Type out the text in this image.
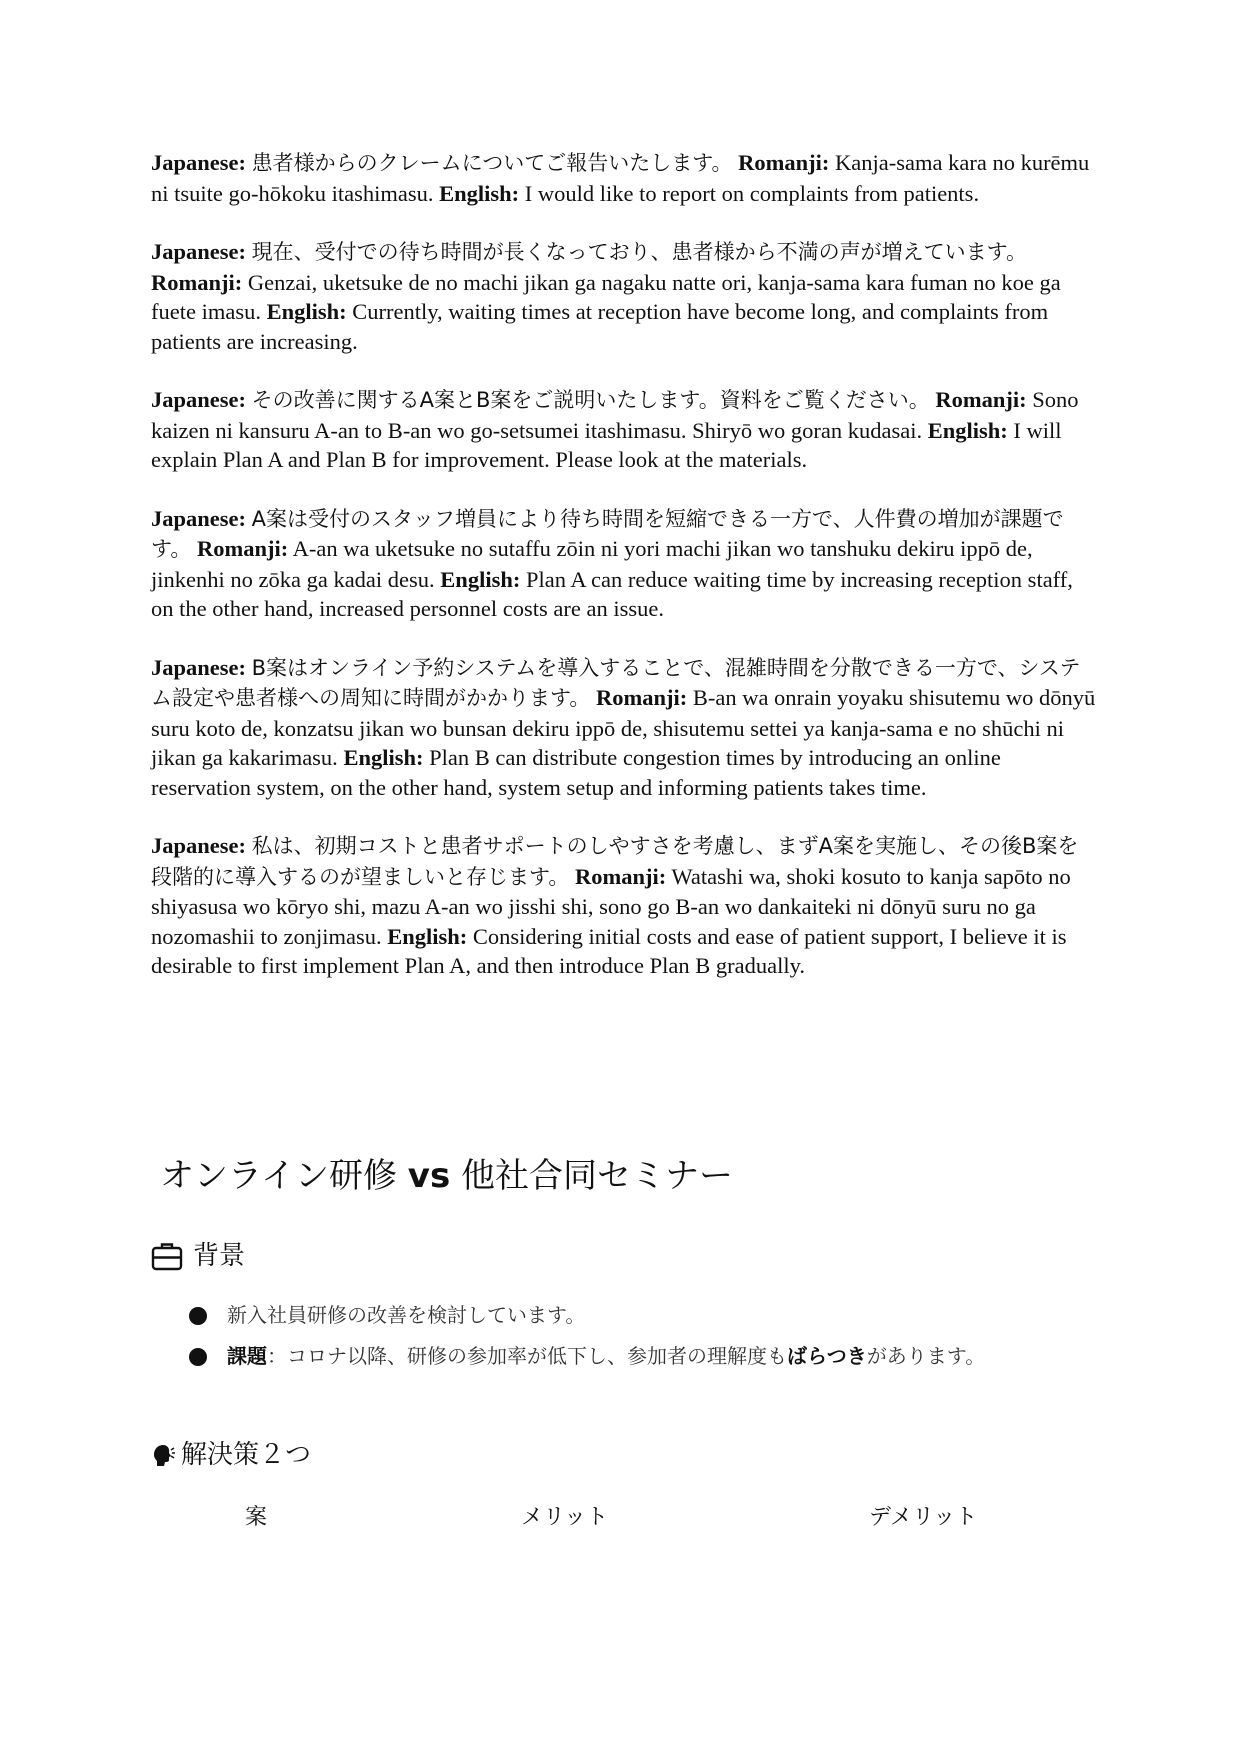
Japanese: 患者様からのクレームについてご報告いたします。 Romanji: Kanja-sama kara no kurēmu ni tsuite go-hōkoku itashimasu. English: I would like to report on complaints from patients.

Japanese: 現在、受付での待ち時間が長くなっており、患者様から不満の声が増えています。 Romanji: Genzai, uketsuke de no machi jikan ga nagaku natte ori, kanja-sama kara fuman no koe ga fuete imasu. English: Currently, waiting times at reception have become long, and complaints from patients are increasing.

Japanese: その改善に関するA案とB案をご説明いたします。資料をご覧ください。 Romanji: Sono kaizen ni kansuru A-an to B-an wo go-setsumei itashimasu. Shiryō wo goran kudasai. English: I will explain Plan A and Plan B for improvement. Please look at the materials.

Japanese: A案は受付のスタッフ増員により待ち時間を短縮できる一方で、人件費の増加が課題です。 Romanji: A-an wa uketsuke no sutaffu zōin ni yori machi jikan wo tanshuku dekiru ippō de, jinkenhi no zōka ga kadai desu. English: Plan A can reduce waiting time by increasing reception staff, on the other hand, increased personnel costs are an issue.

Japanese: B案はオンライン予約システムを導入することで、混雑時間を分散できる一方で、システム設定や患者様への周知に時間がかかります。 Romanji: B-an wa onrain yoyaku shisutemu wo dōnyū suru koto de, konzatsu jikan wo bunsan dekiru ippō de, shisutemu settei ya kanja-sama e no shūchi ni jikan ga kakarimasu. English: Plan B can distribute congestion times by introducing an online reservation system, on the other hand, system setup and informing patients takes time.

Japanese: 私は、初期コストと患者サポートのしやすさを考慮し、まずA案を実施し、その後B案を段階的に導入するのが望ましいと存じます。 Romanji: Watashi wa, shoki kosuto to kanja sapōto no shiyasusa wo kōryo shi, mazu A-an wo jisshi shi, sono go B-an wo dankaiteki ni dōnyū suru no ga nozomashii to zonjimasu. English: Considering initial costs and ease of patient support, I believe it is desirable to first implement Plan A, and then introduce Plan B gradually.

オンライン研修 vs 他社合同セミナー
背景
新入社員研修の改善を検討しています。
課題：コロナ以降、研修の参加率が低下し、参加者の理解度もばらつきがあります。
解決策２つ
案	メリット	デメリット
